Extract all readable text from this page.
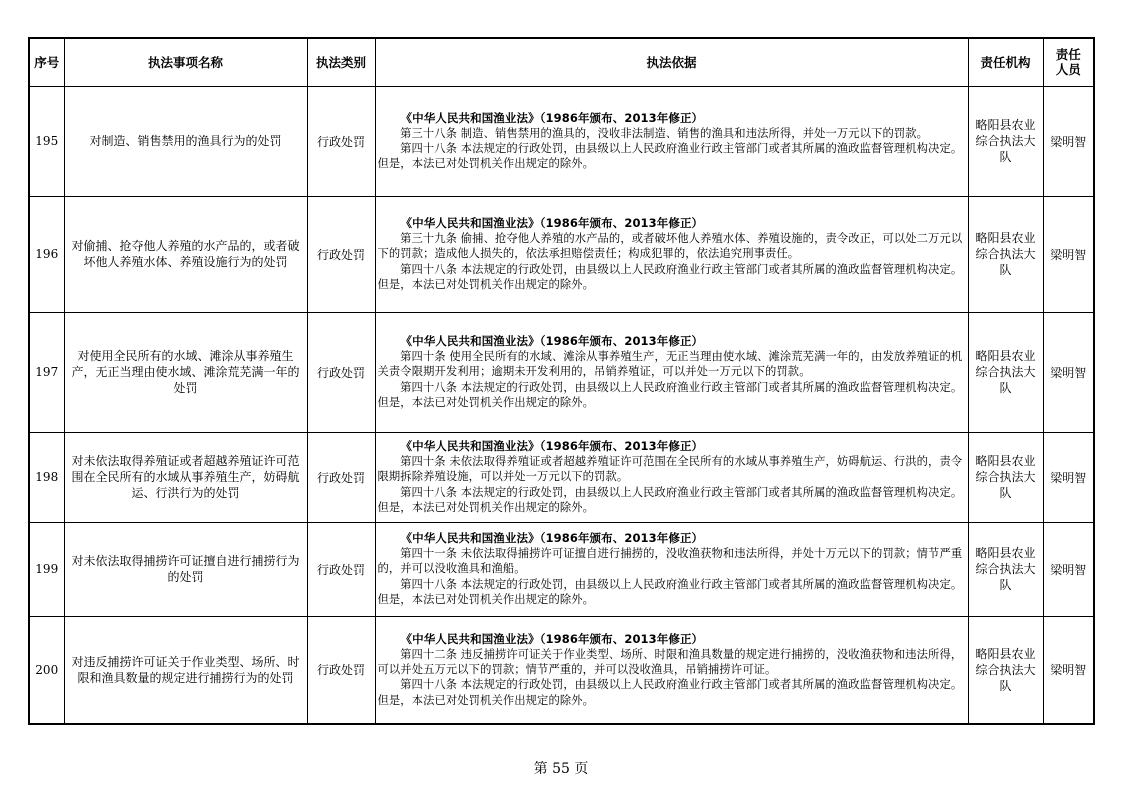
序号	执法事项名称	执法类别	执法依据	责任机构	责任人员
195	对制造、销售禁用的渔具行为的处罚	行政处罚	《中华人民共和国渔业法》（1986年颁布、2013年修正）
第三十八条 制造、销售禁用的渔具的，没收非法制造、销售的渔具和违法所得，并处一万元以下的罚款。
第四十八条 本法规定的行政处罚，由县级以上人民政府渔业行政主管部门或者其所属的渔政监督管理机构决定。但是，本法已对处罚机关作出规定的除外。	略阳县农业综合执法大队	梁明智
196	对偷捕、抢夺他人养殖的水产品的，或者破坏他人养殖水体、养殖设施行为的处罚	行政处罚	《中华人民共和国渔业法》（1986年颁布、2013年修正）
第三十九条 偷捕、抢夺他人养殖的水产品的，或者破坏他人养殖水体、养殖设施的，责令改正，可以处二万元以下的罚款；造成他人损失的，依法承担赔偿责任；构成犯罪的，依法追究刑事责任。
第四十八条 本法规定的行政处罚，由县级以上人民政府渔业行政主管部门或者其所属的渔政监督管理机构决定。但是，本法已对处罚机关作出规定的除外。	略阳县农业综合执法大队	梁明智
197	对使用全民所有的水域、滩涂从事养殖生产，无正当理由使水域、滩涂荒芜满一年的处罚	行政处罚	《中华人民共和国渔业法》（1986年颁布、2013年修正）
第四十条 使用全民所有的水域、滩涂从事养殖生产，无正当理由使水域、滩涂荒芜满一年的，由发放养殖证的机关责令限期开发利用；逾期未开发利用的，吊销养殖证，可以并处一万元以下的罚款。
第四十八条 本法规定的行政处罚，由县级以上人民政府渔业行政主管部门或者其所属的渔政监督管理机构决定。但是，本法已对处罚机关作出规定的除外。	略阳县农业综合执法大队	梁明智
198	对未依法取得养殖证或者超越养殖证许可范围在全民所有的水域从事养殖生产，妨碍航运、行洪行为的处罚	行政处罚	《中华人民共和国渔业法》（1986年颁布、2013年修正）
第四十条 未依法取得养殖证或者超越养殖证许可范围在全民所有的水域从事养殖生产，妨碍航运、行洪的，责令限期拆除养殖设施，可以并处一万元以下的罚款。
第四十八条 本法规定的行政处罚，由县级以上人民政府渔业行政主管部门或者其所属的渔政监督管理机构决定。但是，本法已对处罚机关作出规定的除外。	略阳县农业综合执法大队	梁明智
199	对未依法取得捕捞许可证擅自进行捕捞行为的处罚	行政处罚	《中华人民共和国渔业法》（1986年颁布、2013年修正）
第四十一条 未依法取得捕捞许可证擅自进行捕捞的，没收渔获物和违法所得，并处十万元以下的罚款；情节严重的，并可以没收渔具和渔船。
第四十八条 本法规定的行政处罚，由县级以上人民政府渔业行政主管部门或者其所属的渔政监督管理机构决定。但是，本法已对处罚机关作出规定的除外。	略阳县农业综合执法大队	梁明智
200	对违反捕捞许可证关于作业类型、场所、时限和渔具数量的规定进行捕捞行为的处罚	行政处罚	《中华人民共和国渔业法》（1986年颁布、2013年修正）
第四十二条 违反捕捞许可证关于作业类型、场所、时限和渔具数量的规定进行捕捞的，没收渔获物和违法所得，可以并处五万元以下的罚款；情节严重的，并可以没收渔具，吊销捕捞许可证。
第四十八条 本法规定的行政处罚，由县级以上人民政府渔业行政主管部门或者其所属的渔政监督管理机构决定。但是，本法已对处罚机关作出规定的除外。	略阳县农业综合执法大队	梁明智
第 55 页
